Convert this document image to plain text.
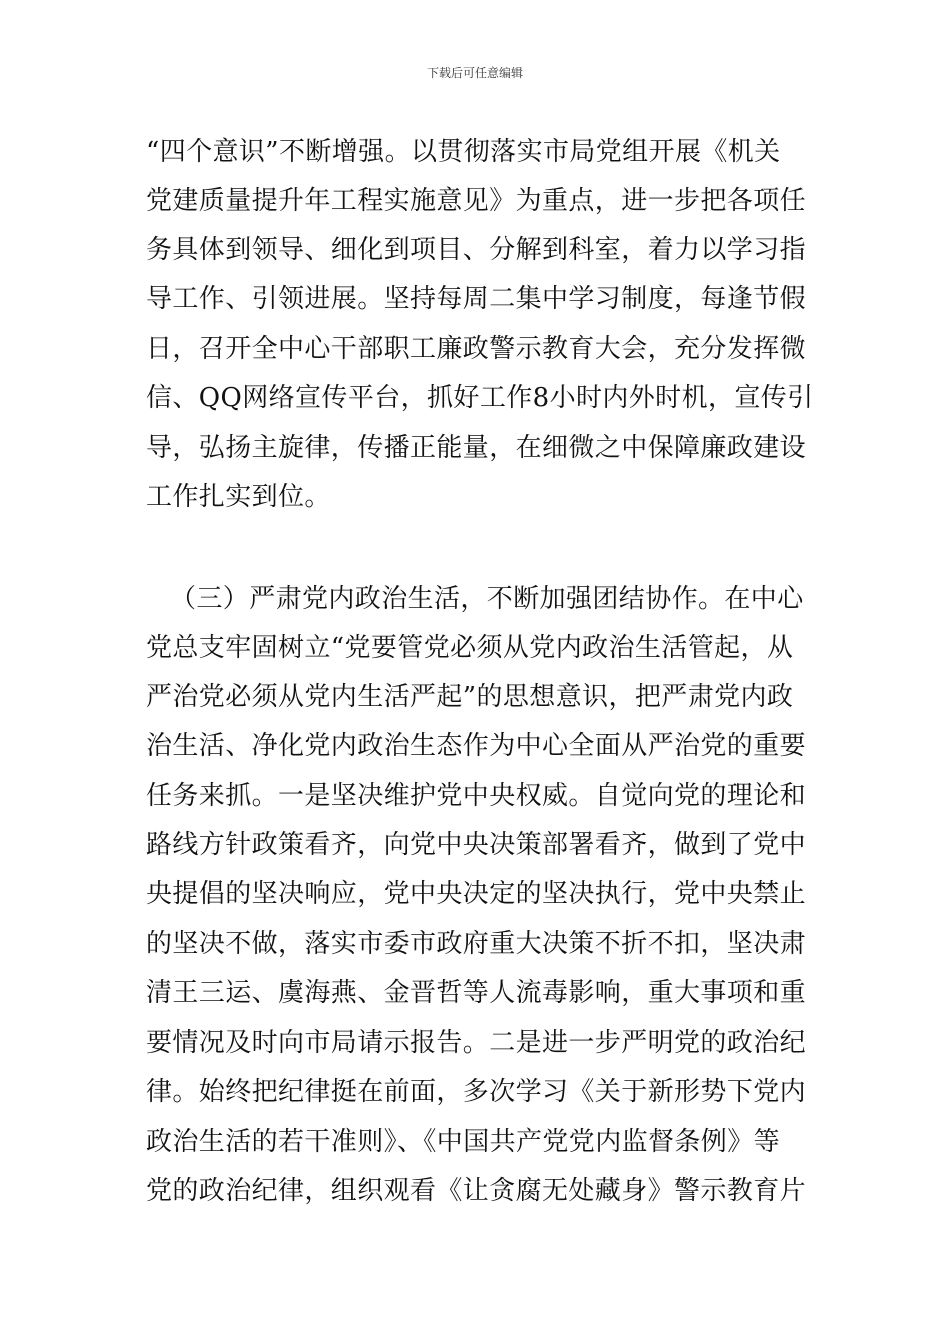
下载后可任意编辑
“四个意识”不断增强。以贯彻落实市局党组开展《机关
党建质量提升年工程实施意见》为重点，进一步把各项任
务具体到领导、细化到项目、分解到科室，着力以学习指
导工作、引领进展。坚持每周二集中学习制度，每逢节假
日，召开全中心干部职工廉政警示教育大会，充分发挥微
信、QQ网络宣传平台，抓好工作8小时内外时机，宣传引
导，弘扬主旋律，传播正能量，在细微之中保障廉政建设
工作扎实到位。
（三）严肃党内政治生活，不断加强团结协作。在中心
党总支牢固树立“党要管党必须从党内政治生活管起，从
严治党必须从党内生活严起”的思想意识，把严肃党内政
治生活、净化党内政治生态作为中心全面从严治党的重要
任务来抓。一是坚决维护党中央权威。自觉向党的理论和
路线方针政策看齐，向党中央决策部署看齐，做到了党中
央提倡的坚决响应，党中央决定的坚决执行，党中央禁止
的坚决不做，落实市委市政府重大决策不折不扣，坚决肃
清王三运、虞海燕、金晋哲等人流毒影响，重大事项和重
要情况及时向市局请示报告。二是进一步严明党的政治纪
律。始终把纪律挺在前面，多次学习《关于新形势下党内
政治生活的若干准则》、《中国共产党党内监督条例》等
党的政治纪律，组织观看《让贪腐无处藏身》警示教育片
